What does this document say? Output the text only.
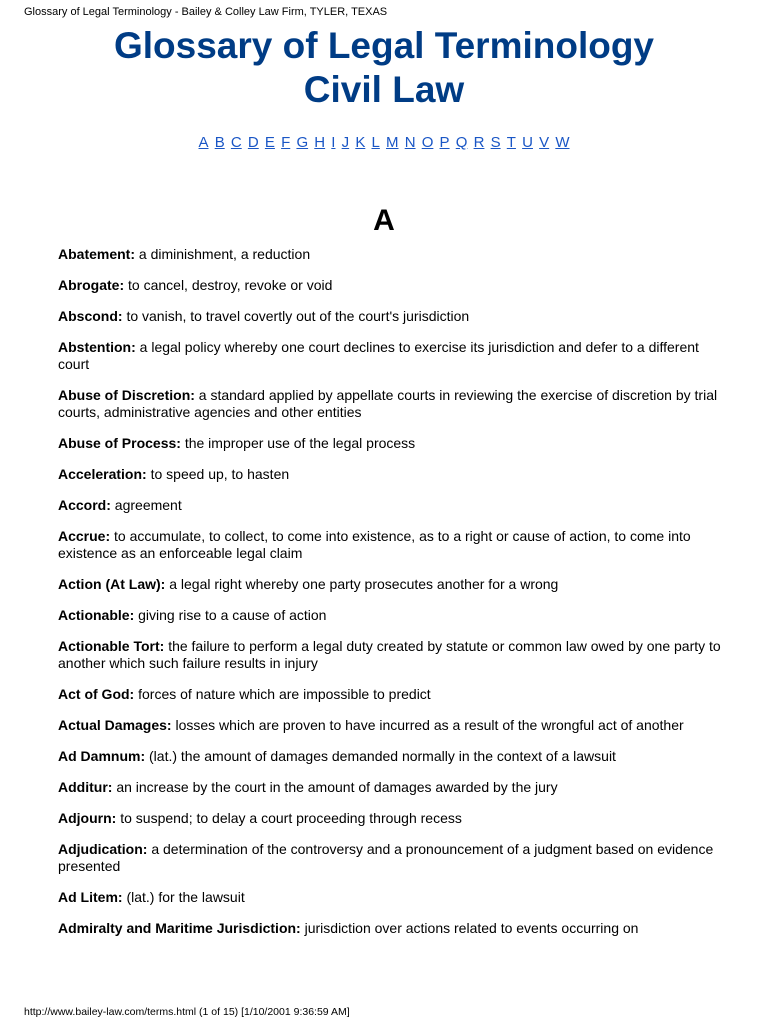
Glossary of Legal Terminology - Bailey & Colley Law Firm, TYLER, TEXAS
Glossary of Legal Terminology
Civil Law
A B C D E F G H I J K L M N O P Q R S T U V W
A

Abatement: a diminishment, a reduction

Abrogate: to cancel, destroy, revoke or void

Abscond: to vanish, to travel covertly out of the court's jurisdiction

Abstention: a legal policy whereby one court declines to exercise its jurisdiction and defer to a different court

Abuse of Discretion: a standard applied by appellate courts in reviewing the exercise of discretion by trial courts, administrative agencies and other entities

Abuse of Process: the improper use of the legal process

Acceleration: to speed up, to hasten

Accord: agreement

Accrue: to accumulate, to collect, to come into existence, as to a right or cause of action, to come into existence as an enforceable legal claim

Action (At Law): a legal right whereby one party prosecutes another for a wrong

Actionable: giving rise to a cause of action

Actionable Tort: the failure to perform a legal duty created by statute or common law owed by one party to another which such failure results in injury

Act of God: forces of nature which are impossible to predict

Actual Damages: losses which are proven to have incurred as a result of the wrongful act of another

Ad Damnum: (lat.) the amount of damages demanded normally in the context of a lawsuit

Additur: an increase by the court in the amount of damages awarded by the jury

Adjourn: to suspend; to delay a court proceeding through recess

Adjudication: a determination of the controversy and a pronouncement of a judgment based on evidence presented

Ad Litem: (lat.) for the lawsuit

Admiralty and Maritime Jurisdiction: jurisdiction over actions related to events occurring on

http://www.bailey-law.com/terms.html (1 of 15) [1/10/2001 9:36:59 AM]
